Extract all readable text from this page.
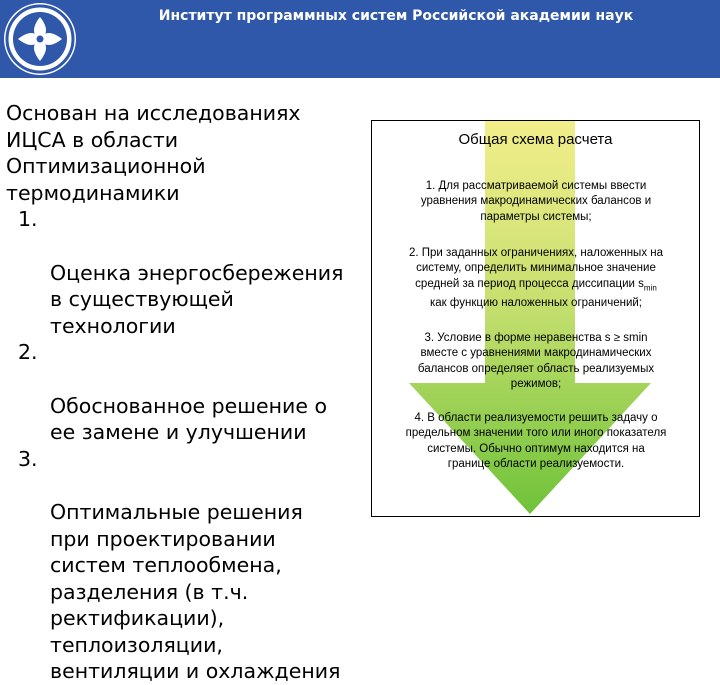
Институт программных систем Российской академии наук
Основан на исследованиях
ИЦСА в области
Оптимизационной
термодинамики

1.

Оценка энергосбережения
в существующей
технологии

2.

Обоснованное решение о
ее замене и улучшении

3.

Оптимальные решения
при проектировании
систем теплообмена,
разделения (в т.ч.
ректификации),
теплоизоляции,
вентиляции и охлаждения

Общая схема расчета
1. Для рассматриваемой системы ввести
уравнения макродинамических балансов и
параметры системы;
2. При заданных ограничениях, наложенных на
систему, определить минимальное значение
средней за период процесса диссипации $s_{min}$
как функцию наложенных ограничений;
3. Условие в форме неравенства s ≥ smin
вместе с уравнениями макродинамических
балансов определяет область реализуемых
режимов;
4. В области реализуемости решить задачу о
предельном значении того или иного показателя
системы. Обычно оптимум находится на
границе области реализуемости.
